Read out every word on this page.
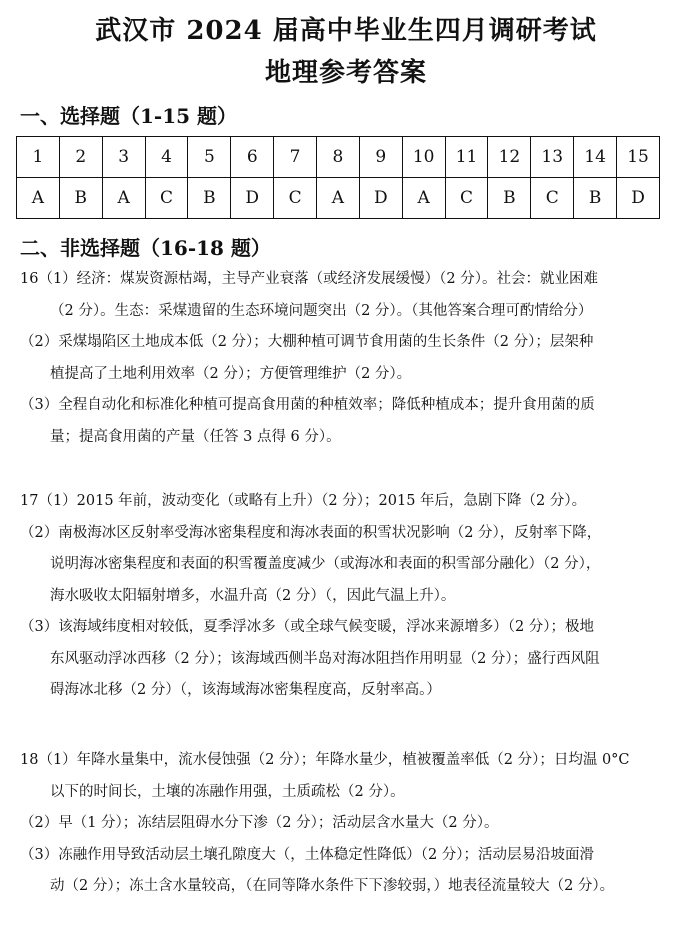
武汉市 2024 届高中毕业生四月调研考试
地理参考答案
一、选择题（1-15 题）
1	2	3	4	5	6	7	8	9	10	11	12	13	14	15
A	B	A	C	B	D	C	A	D	A	C	B	C	B	D
二、非选择题（16-18 题）
16（1）经济：煤炭资源枯竭，主导产业衰落（或经济发展缓慢）（2 分）。社会：就业困难
（2 分）。生态：采煤遗留的生态环境问题突出（2 分）。（其他答案合理可酌情给分）
（2）采煤塌陷区土地成本低（2 分）；大棚种植可调节食用菌的生长条件（2 分）；层架种
植提高了土地利用效率（2 分）；方便管理维护（2 分）。
（3）全程自动化和标准化种植可提高食用菌的种植效率；降低种植成本；提升食用菌的质
量；提高食用菌的产量（任答 3 点得 6 分）。
17（1）2015 年前，波动变化（或略有上升）（2 分）；2015 年后，急剧下降（2 分）。
（2）南极海冰区反射率受海冰密集程度和海冰表面的积雪状况影响（2 分），反射率下降，
说明海冰密集程度和表面的积雪覆盖度减少（或海冰和表面的积雪部分融化）（2 分），
海水吸收太阳辐射增多，水温升高（2 分）（，因此气温上升）。
（3）该海域纬度相对较低，夏季浮冰多（或全球气候变暖，浮冰来源增多）（2 分）；极地
东风驱动浮冰西移（2 分）；该海域西侧半岛对海冰阻挡作用明显（2 分）；盛行西风阻
碍海冰北移（2 分）（，该海域海冰密集程度高，反射率高。）
18（1）年降水量集中，流水侵蚀强（2 分）；年降水量少，植被覆盖率低（2 分）；日均温 0°C
以下的时间长，土壤的冻融作用强，土质疏松（2 分）。
（2）早（1 分）；冻结层阻碍水分下渗（2 分）；活动层含水量大（2 分）。
（3）冻融作用导致活动层土壤孔隙度大（，土体稳定性降低）（2 分）；活动层易沿坡面滑
动（2 分）；冻土含水量较高，（在同等降水条件下下渗较弱，）地表径流量较大（2 分）。
